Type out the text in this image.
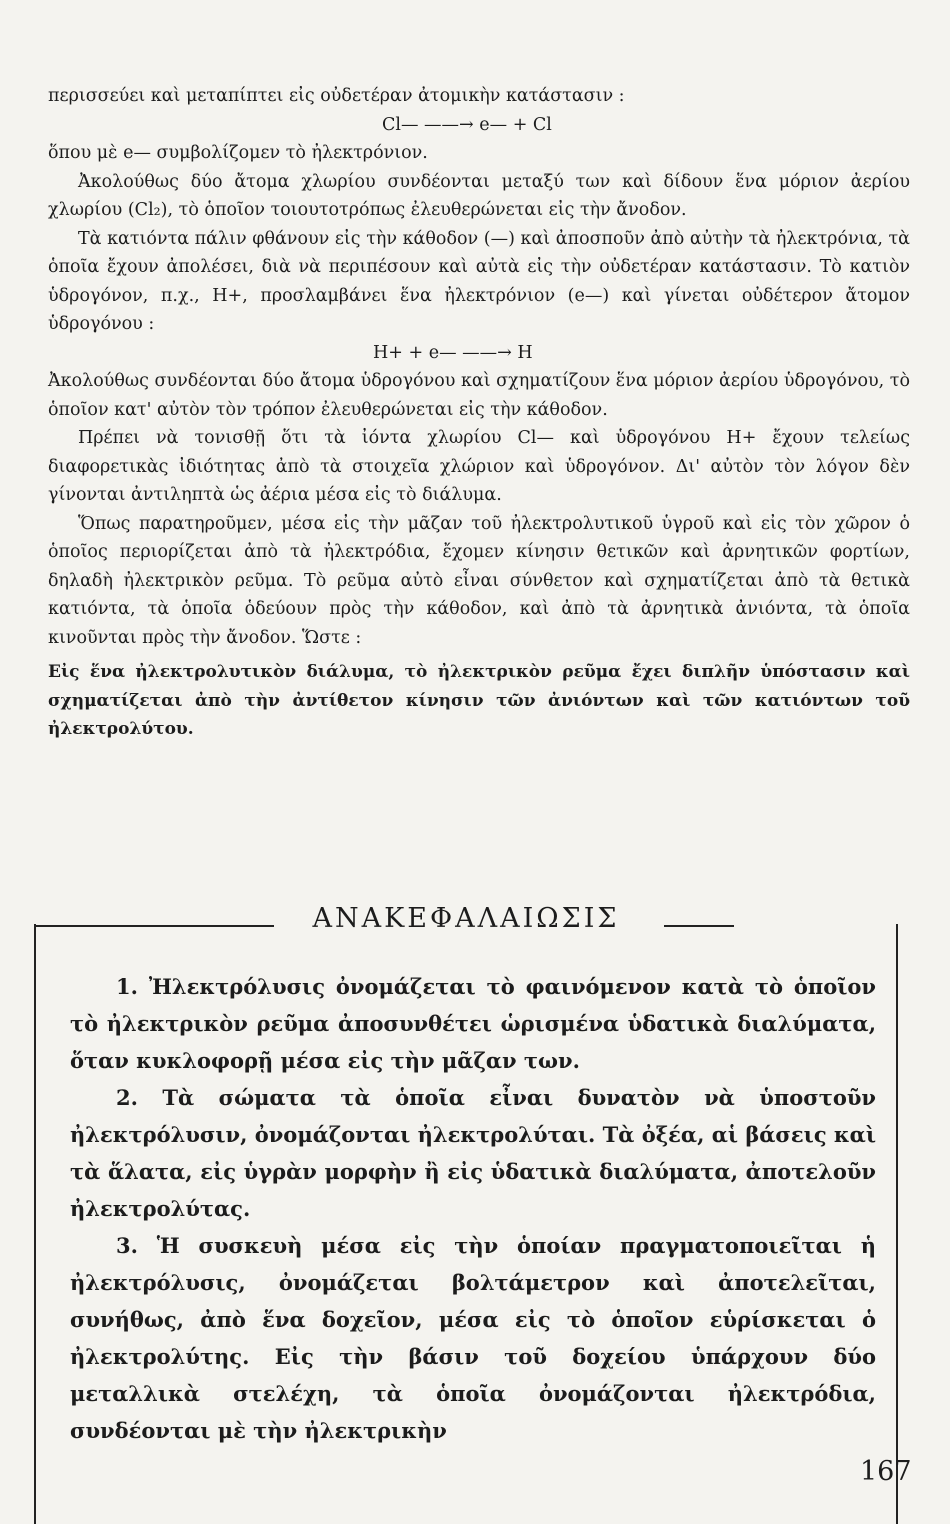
περισσεύει καὶ μεταπίπτει εἰς οὐδετέραν ἀτομικὴν κατάστασιν :

Cl— ——→ e— + Cl

ὅπου μὲ e— συμβολίζομεν τὸ ἠλεκτρόνιον.

Ἀκολούθως δύο ἄτομα χλωρίου συνδέονται μεταξύ των καὶ δίδουν ἕνα μόριον ἀερίου χλωρίου (Cl₂), τὸ ὁποῖον τοιουτοτρόπως ἐλευθερώνεται εἰς τὴν ἄνοδον.

Τὰ κατιόντα πάλιν φθάνουν εἰς τὴν κάθοδον (—) καὶ ἀποσποῦν ἀπὸ αὐτὴν τὰ ἠλεκτρόνια, τὰ ὁποῖα ἔχουν ἀπολέσει, διὰ νὰ περιπέσουν καὶ αὐτὰ εἰς τὴν οὐδετέραν κατάστασιν. Τὸ κατιὸν ὑδρογόνον, π.χ., H+, προσλαμβάνει ἕνα ἠλεκτρόνιον (e—) καὶ γίνεται οὐδέτερον ἄτομον ὑδρογόνου :

H+ + e— ——→ H

Ἀκολούθως συνδέονται δύο ἄτομα ὑδρογόνου καὶ σχηματίζουν ἕνα μόριον ἀερίου ὑδρογόνου, τὸ ὁποῖον κατ' αὐτὸν τὸν τρόπον ἐλευθερώνεται εἰς τὴν κάθοδον.

Πρέπει νὰ τονισθῇ ὅτι τὰ ἰόντα χλωρίου Cl— καὶ ὑδρογόνου H+ ἔχουν τελείως διαφορετικὰς ἰδιότητας ἀπὸ τὰ στοιχεῖα χλώριον καὶ ὑδρογόνον. Δι' αὐτὸν τὸν λόγον δὲν γίνονται ἀντιληπτὰ ὡς ἀέρια μέσα εἰς τὸ διάλυμα.

Ὅπως παρατηροῦμεν, μέσα εἰς τὴν μᾶζαν τοῦ ἠλεκτρολυτικοῦ ὑγροῦ καὶ εἰς τὸν χῶρον ὁ ὁποῖος περιορίζεται ἀπὸ τὰ ἠλεκτρόδια, ἔχομεν κίνησιν θετικῶν καὶ ἀρνητικῶν φορτίων, δηλαδὴ ἠλεκτρικὸν ρεῦμα. Τὸ ρεῦμα αὐτὸ εἶναι σύνθετον καὶ σχηματίζεται ἀπὸ τὰ θετικὰ κατιόντα, τὰ ὁποῖα ὁδεύουν πρὸς τὴν κάθοδον, καὶ ἀπὸ τὰ ἀρνητικὰ ἀνιόντα, τὰ ὁποῖα κινοῦνται πρὸς τὴν ἄνοδον. Ὥστε :

Εἰς ἕνα ἠλεκτρολυτικὸν διάλυμα, τὸ ἠλεκτρικὸν ρεῦμα ἔχει διπλῆν ὑπόστασιν καὶ σχηματίζεται ἀπὸ τὴν ἀντίθετον κίνησιν τῶν ἀνιόντων καὶ τῶν κατιόντων τοῦ ἠλεκτρολύτου.

ΑΝΑΚΕΦΑΛΑΙΩΣΙΣ

1. Ἠλεκτρόλυσις ὀνομάζεται τὸ φαινόμενον κατὰ τὸ ὁποῖον τὸ ἠλεκτρικὸν ρεῦμα ἀποσυνθέτει ὡρισμένα ὑδατικὰ διαλύματα, ὅταν κυκλοφορῇ μέσα εἰς τὴν μᾶζαν των.

2. Τὰ σώματα τὰ ὁποῖα εἶναι δυνατὸν νὰ ὑποστοῦν ἠλεκτρόλυσιν, ὀνομάζονται ἠλεκτρολύται. Τὰ ὀξέα, αἱ βάσεις καὶ τὰ ἅλατα, εἰς ὑγρὰν μορφὴν ἢ εἰς ὑδατικὰ διαλύματα, ἀποτελοῦν ἠλεκτρολύτας.

3. Ἡ συσκευὴ μέσα εἰς τὴν ὁποίαν πραγματοποιεῖται ἡ ἠλεκτρόλυσις, ὀνομάζεται βολτάμετρον καὶ ἀποτελεῖται, συνήθως, ἀπὸ ἕνα δοχεῖον, μέσα εἰς τὸ ὁποῖον εὑρίσκεται ὁ ἠλεκτρολύτης. Εἰς τὴν βάσιν τοῦ δοχείου ὑπάρχουν δύο μεταλλικὰ στελέχη, τὰ ὁποῖα ὀνομάζονται ἠλεκτρόδια, συνδέονται μὲ τὴν ἠλεκτρικὴν

167
